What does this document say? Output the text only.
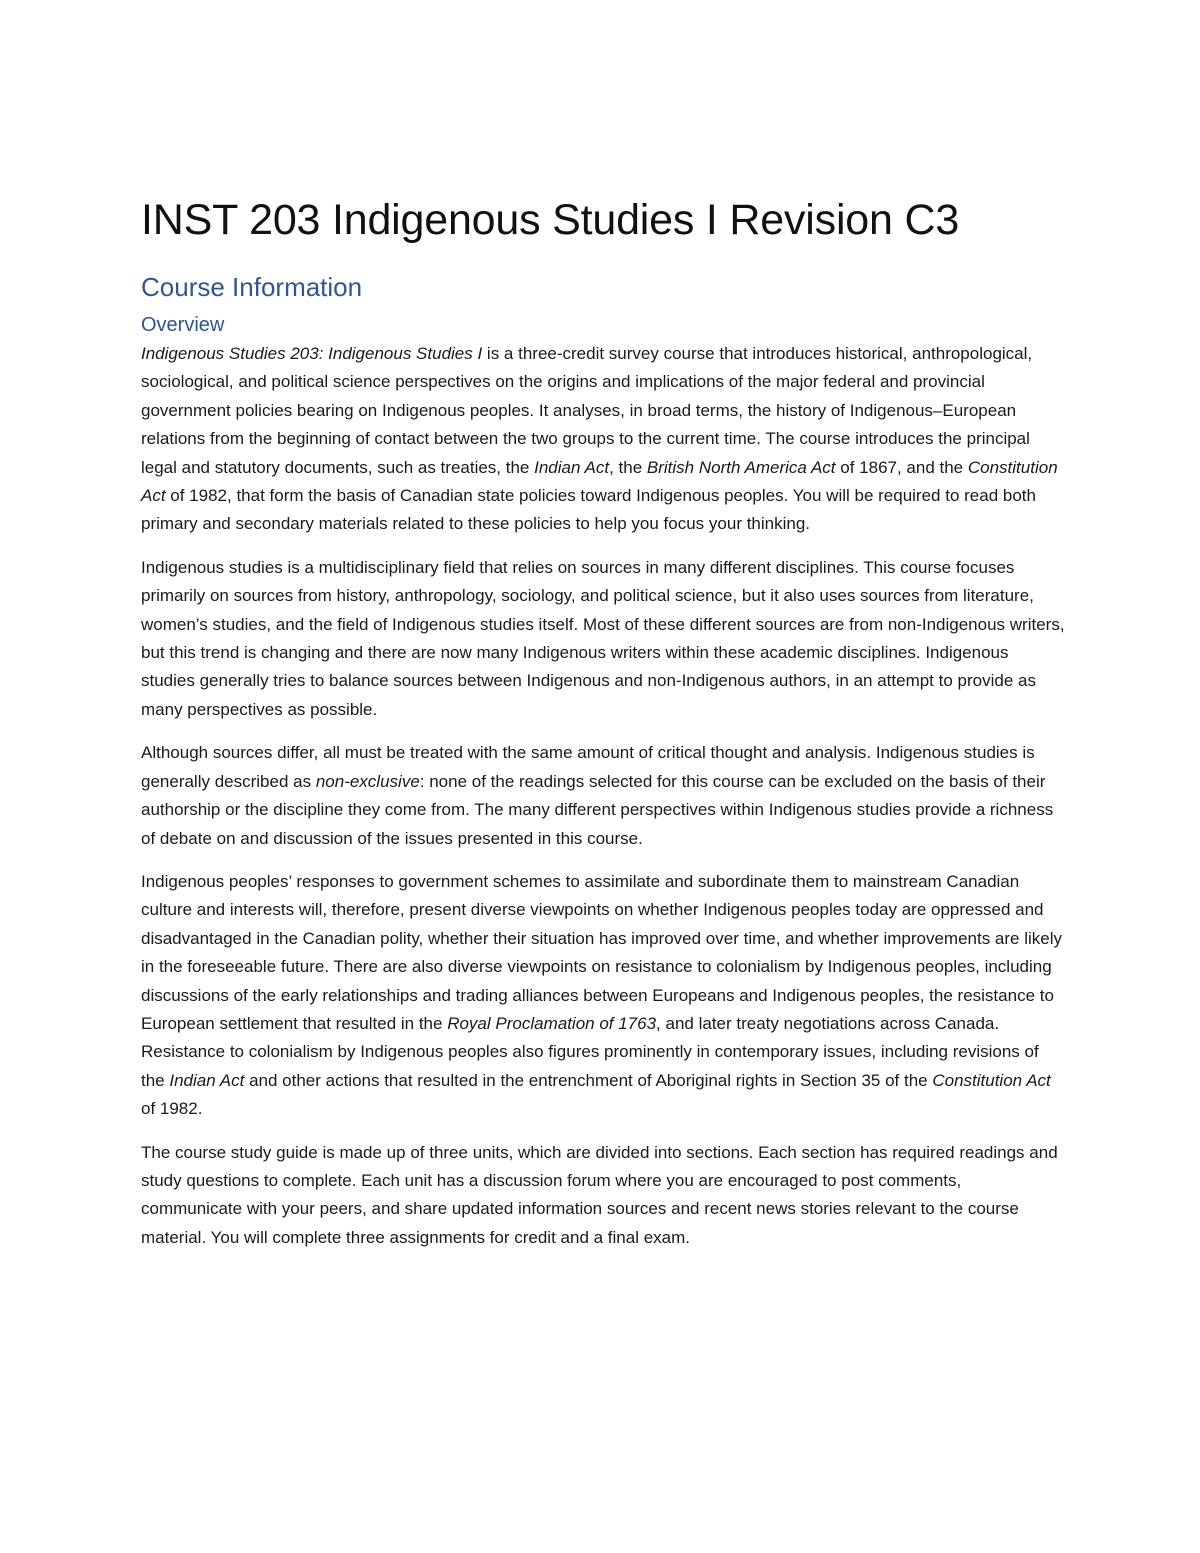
INST 203 Indigenous Studies I Revision C3
Course Information
Overview

Indigenous Studies 203: Indigenous Studies I is a three-credit survey course that introduces historical, anthropological, sociological, and political science perspectives on the origins and implications of the major federal and provincial government policies bearing on Indigenous peoples. It analyses, in broad terms, the history of Indigenous–European relations from the beginning of contact between the two groups to the current time. The course introduces the principal legal and statutory documents, such as treaties, the Indian Act, the British North America Act of 1867, and the Constitution Act of 1982, that form the basis of Canadian state policies toward Indigenous peoples. You will be required to read both primary and secondary materials related to these policies to help you focus your thinking.

Indigenous studies is a multidisciplinary field that relies on sources in many different disciplines. This course focuses primarily on sources from history, anthropology, sociology, and political science, but it also uses sources from literature, women’s studies, and the field of Indigenous studies itself. Most of these different sources are from non-Indigenous writers, but this trend is changing and there are now many Indigenous writers within these academic disciplines. Indigenous studies generally tries to balance sources between Indigenous and non-Indigenous authors, in an attempt to provide as many perspectives as possible.

Although sources differ, all must be treated with the same amount of critical thought and analysis. Indigenous studies is generally described as non-exclusive: none of the readings selected for this course can be excluded on the basis of their authorship or the discipline they come from. The many different perspectives within Indigenous studies provide a richness of debate on and discussion of the issues presented in this course.

Indigenous peoples’ responses to government schemes to assimilate and subordinate them to mainstream Canadian culture and interests will, therefore, present diverse viewpoints on whether Indigenous peoples today are oppressed and disadvantaged in the Canadian polity, whether their situation has improved over time, and whether improvements are likely in the foreseeable future. There are also diverse viewpoints on resistance to colonialism by Indigenous peoples, including discussions of the early relationships and trading alliances between Europeans and Indigenous peoples, the resistance to European settlement that resulted in the Royal Proclamation of 1763, and later treaty negotiations across Canada. Resistance to colonialism by Indigenous peoples also figures prominently in contemporary issues, including revisions of the Indian Act and other actions that resulted in the entrenchment of Aboriginal rights in Section 35 of the Constitution Act of 1982.

The course study guide is made up of three units, which are divided into sections. Each section has required readings and study questions to complete. Each unit has a discussion forum where you are encouraged to post comments, communicate with your peers, and share updated information sources and recent news stories relevant to the course material. You will complete three assignments for credit and a final exam.
